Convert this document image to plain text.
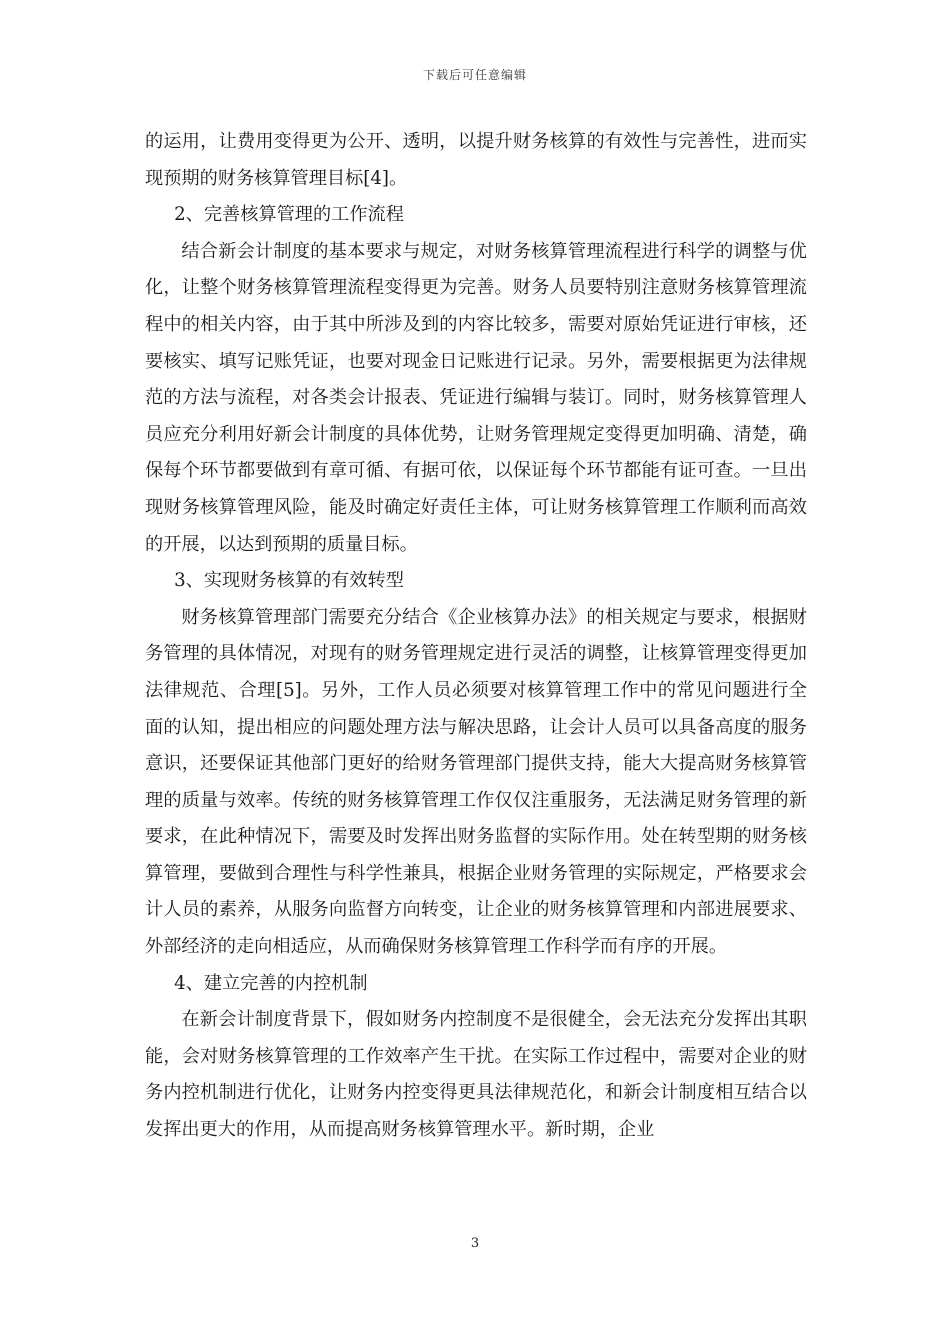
下载后可任意编辑

的运用，让费用变得更为公开、透明，以提升财务核算的有效性与完善性，进而实现预期的财务核算管理目标[4]。

2、完善核算管理的工作流程

结合新会计制度的基本要求与规定，对财务核算管理流程进行科学的调整与优化，让整个财务核算管理流程变得更为完善。财务人员要特别注意财务核算管理流程中的相关内容，由于其中所涉及到的内容比较多，需要对原始凭证进行审核，还要核实、填写记账凭证，也要对现金日记账进行记录。另外，需要根据更为法律规范的方法与流程，对各类会计报表、凭证进行编辑与装订。同时，财务核算管理人员应充分利用好新会计制度的具体优势，让财务管理规定变得更加明确、清楚，确保每个环节都要做到有章可循、有据可依，以保证每个环节都能有证可查。一旦出现财务核算管理风险，能及时确定好责任主体，可让财务核算管理工作顺利而高效的开展，以达到预期的质量目标。

3、实现财务核算的有效转型

财务核算管理部门需要充分结合《企业核算办法》的相关规定与要求，根据财务管理的具体情况，对现有的财务管理规定进行灵活的调整，让核算管理变得更加法律规范、合理[5]。另外，工作人员必须要对核算管理工作中的常见问题进行全面的认知，提出相应的问题处理方法与解决思路，让会计人员可以具备高度的服务意识，还要保证其他部门更好的给财务管理部门提供支持，能大大提高财务核算管理的质量与效率。传统的财务核算管理工作仅仅注重服务，无法满足财务管理的新要求，在此种情况下，需要及时发挥出财务监督的实际作用。处在转型期的财务核算管理，要做到合理性与科学性兼具，根据企业财务管理的实际规定，严格要求会计人员的素养，从服务向监督方向转变，让企业的财务核算管理和内部进展要求、外部经济的走向相适应，从而确保财务核算管理工作科学而有序的开展。

4、建立完善的内控机制

在新会计制度背景下，假如财务内控制度不是很健全，会无法充分发挥出其职能，会对财务核算管理的工作效率产生干扰。在实际工作过程中，需要对企业的财务内控机制进行优化，让财务内控变得更具法律规范化，和新会计制度相互结合以发挥出更大的作用，从而提高财务核算管理水平。新时期，企业

3
